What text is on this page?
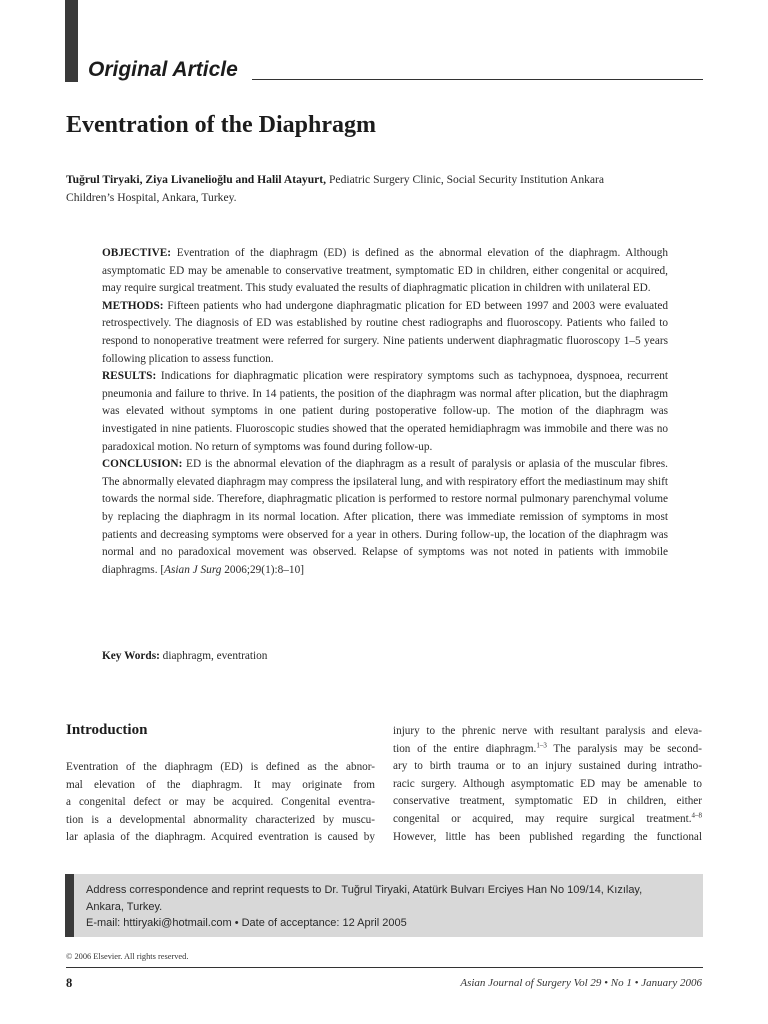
Original Article
Eventration of the Diaphragm
Tuğrul Tiryaki, Ziya Livanelioğlu and Halil Atayurt, Pediatric Surgery Clinic, Social Security Institution Ankara
Children’s Hospital, Ankara, Turkey.

OBJECTIVE: Eventration of the diaphragm (ED) is defined as the abnormal elevation of the diaphragm. Although asymptomatic ED may be amenable to conservative treatment, symptomatic ED in children, either congenital or acquired, may require surgical treatment. This study evaluated the results of diaphragmatic plication in children with unilateral ED.

METHODS: Fifteen patients who had undergone diaphragmatic plication for ED between 1997 and 2003 were evaluated retrospectively. The diagnosis of ED was established by routine chest radiographs and fluoroscopy. Patients who failed to respond to nonoperative treatment were referred for surgery. Nine patients underwent diaphragmatic fluoroscopy 1–5 years following plication to assess function.

RESULTS: Indications for diaphragmatic plication were respiratory symptoms such as tachypnoea, dyspnoea, recurrent pneumonia and failure to thrive. In 14 patients, the position of the diaphragm was normal after plication, but the diaphragm was elevated without symptoms in one patient during postoperative follow-up. The motion of the diaphragm was investigated in nine patients. Fluoroscopic studies showed that the operated hemidiaphragm was immobile and there was no paradoxical motion. No return of symptoms was found during follow-up.

CONCLUSION: ED is the abnormal elevation of the diaphragm as a result of paralysis or aplasia of the muscular fibres. The abnormally elevated diaphragm may compress the ipsilateral lung, and with respiratory effort the mediastinum may shift towards the normal side. Therefore, diaphragmatic plication is performed to restore normal pulmonary parenchymal volume by replacing the diaphragm in its normal location. After plication, there was immediate remission of symptoms in most patients and decreasing symptoms were observed for a year in others. During follow-up, the location of the diaphragm was normal and no paradoxical movement was observed. Relapse of symptoms was not noted in patients with immobile diaphragms. [Asian J Surg 2006;29(1):8–10]

Key Words: diaphragm, eventration
Introduction
Eventration of the diaphragm (ED) is defined as the abnor-
mal elevation of the diaphragm. It may originate from
a congenital defect or may be acquired. Congenital eventra-
tion is a developmental abnormality characterized by muscu-
lar aplasia of the diaphragm. Acquired eventration is caused by
injury to the phrenic nerve with resultant paralysis and eleva-
tion of the entire diaphragm.$^{1-3}$ The paralysis may be second-
ary to birth trauma or to an injury sustained during intratho-
racic surgery. Although asymptomatic ED may be amenable to
conservative treatment, symptomatic ED in children, either
congenital or acquired, may require surgical treatment.$^{4-8}$
However, little has been published regarding the functional
Address correspondence and reprint requests to Dr. Tuğrul Tiryaki, Atatürk Bulvarı Erciyes Han No 109/14, Kızılay,
Ankara, Turkey.
E-mail: httiryaki@hotmail.com • Date of acceptance: 12 April 2005
© 2006 Elsevier. All rights reserved.
8	Asian Journal of Surgery Vol 29 • No 1 • January 2006
